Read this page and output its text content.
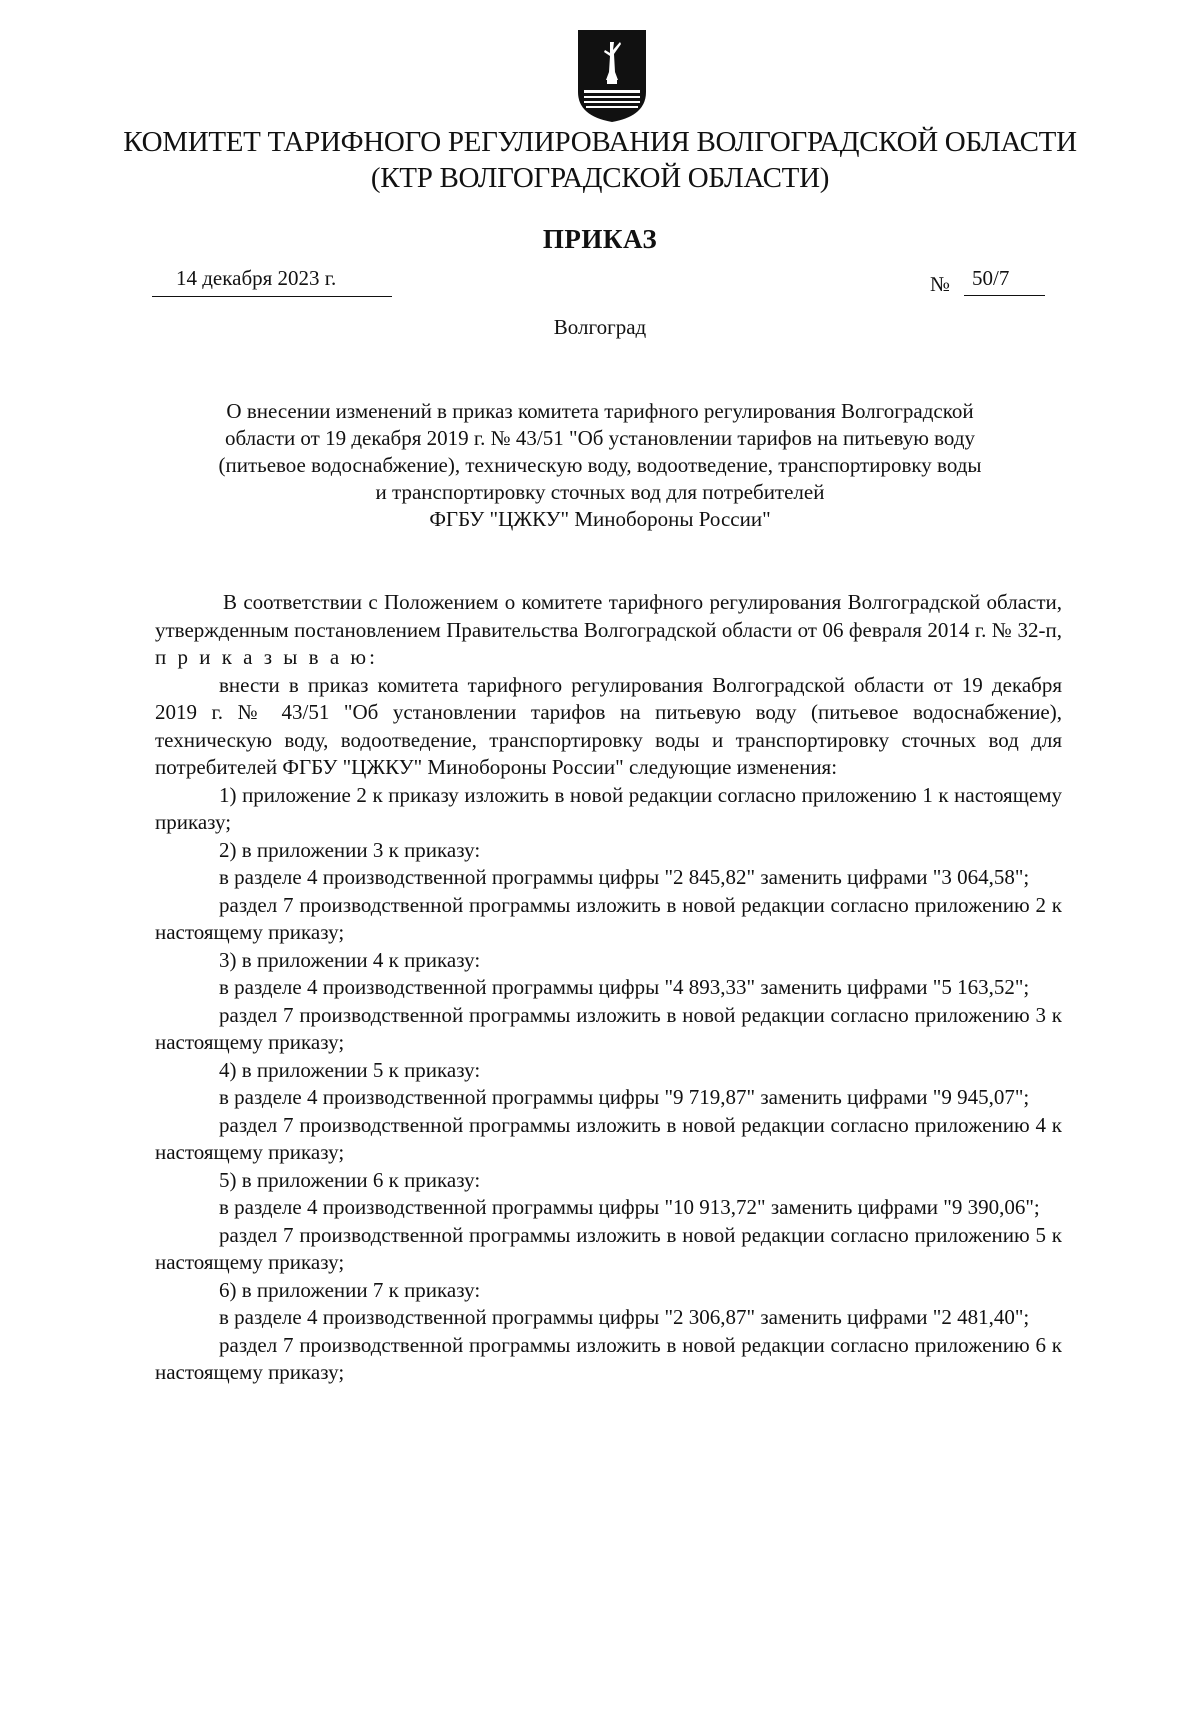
КОМИТЕТ ТАРИФНОГО РЕГУЛИРОВАНИЯ ВОЛГОГРАДСКОЙ ОБЛАСТИ
(КТР ВОЛГОГРАДСКОЙ ОБЛАСТИ)
ПРИКАЗ
14 декабря 2023 г.	№ 50/7
Волгоград
О внесении изменений в приказ комитета тарифного регулирования Волгоградской
области от 19 декабря 2019 г. № 43/51 "Об установлении тарифов на питьевую воду
(питьевое водоснабжение), техническую воду, водоотведение, транспортировку воды
и транспортировку сточных вод для потребителей
ФГБУ "ЦЖКУ" Минобороны России"

В соответствии с Положением о комитете тарифного регулирования Волгоградской области, утвержденным постановлением Правительства Волгоградской области от 06 февраля 2014 г. № 32-п, п р и к а з ы в а ю:

внести в приказ комитета тарифного регулирования Волгоградской области от 19 декабря 2019 г. № 43/51 "Об установлении тарифов на питьевую воду (питьевое водоснабжение), техническую воду, водоотведение, транспортировку воды и транспортировку сточных вод для потребителей ФГБУ "ЦЖКУ" Минобороны России" следующие изменения:

1) приложение 2 к приказу изложить в новой редакции согласно приложению 1 к настоящему приказу;

2) в приложении 3 к приказу:

в разделе 4 производственной программы цифры "2 845,82" заменить цифрами "3 064,58";

раздел 7 производственной программы изложить в новой редакции согласно приложению 2 к настоящему приказу;

3) в приложении 4 к приказу:

в разделе 4 производственной программы цифры "4 893,33" заменить цифрами "5 163,52";

раздел 7 производственной программы изложить в новой редакции согласно приложению 3 к настоящему приказу;

4) в приложении 5 к приказу:

в разделе 4 производственной программы цифры "9 719,87" заменить цифрами "9 945,07";

раздел 7 производственной программы изложить в новой редакции согласно приложению 4 к настоящему приказу;

5) в приложении 6 к приказу:

в разделе 4 производственной программы цифры "10 913,72" заменить цифрами "9 390,06";

раздел 7 производственной программы изложить в новой редакции согласно приложению 5 к настоящему приказу;

6) в приложении 7 к приказу:

в разделе 4 производственной программы цифры "2 306,87" заменить цифрами "2 481,40";

раздел 7 производственной программы изложить в новой редакции согласно приложению 6 к настоящему приказу;
